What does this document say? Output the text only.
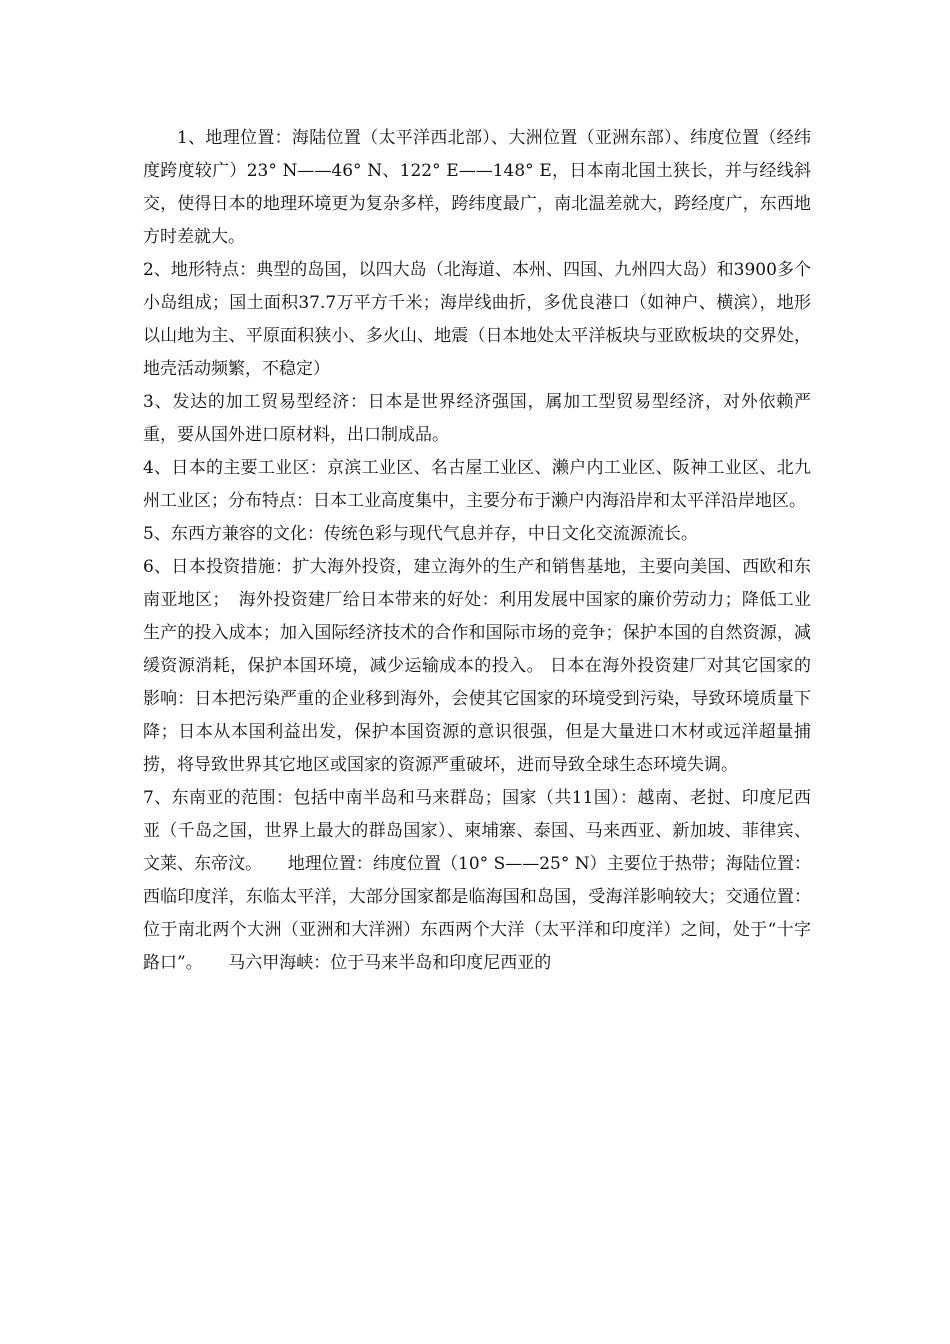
1、地理位置：海陆位置（太平洋西北部）、大洲位置（亚洲东部）、纬度位置（经纬度跨度较广）23° N——46° N、122° E——148° E，日本南北国土狭长，并与经线斜交，使得日本的地理环境更为复杂多样，跨纬度最广，南北温差就大，跨经度广，东西地方时差就大。

2、地形特点：典型的岛国，以四大岛（北海道、本州、四国、九州四大岛）和3900多个小岛组成；国土面积37.7万平方千米；海岸线曲折，多优良港口（如神户、横滨），地形以山地为主、平原面积狭小、多火山、地震（日本地处太平洋板块与亚欧板块的交界处，地壳活动频繁，不稳定）

3、发达的加工贸易型经济：日本是世界经济强国，属加工型贸易型经济，对外依赖严重，要从国外进口原材料，出口制成品。

4、日本的主要工业区：京滨工业区、名古屋工业区、濑户内工业区、阪神工业区、北九州工业区；分布特点：日本工业高度集中，主要分布于濑户内海沿岸和太平洋沿岸地区。

5、东西方兼容的文化：传统色彩与现代气息并存，中日文化交流源流长。

6、日本投资措施：扩大海外投资，建立海外的生产和销售基地，主要向美国、西欧和东南亚地区；　海外投资建厂给日本带来的好处：利用发展中国家的廉价劳动力；降低工业生产的投入成本；加入国际经济技术的合作和国际市场的竞争；保护本国的自然资源，减缓资源消耗，保护本国环境，减少运输成本的投入。 日本在海外投资建厂对其它国家的影响：日本把污染严重的企业移到海外，会使其它国家的环境受到污染，导致环境质量下降；日本从本国利益出发，保护本国资源的意识很强，但是大量进口木材或远洋超量捕捞，将导致世界其它地区或国家的资源严重破坏，进而导致全球生态环境失调。

7、东南亚的范围：包括中南半岛和马来群岛；国家（共11国）：越南、老挝、印度尼西亚（千岛之国，世界上最大的群岛国家）、柬埔寨、泰国、马来西亚、新加坡、菲律宾、文莱、东帝汶。　　地理位置：纬度位置（10° S——25° N）主要位于热带；海陆位置：西临印度洋，东临太平洋，大部分国家都是临海国和岛国，受海洋影响较大；交通位置：位于南北两个大洲（亚洲和大洋洲）东西两个大洋（太平洋和印度洋）之间，处于“十字路口”。　　马六甲海峡：位于马来半岛和印度尼西亚的
